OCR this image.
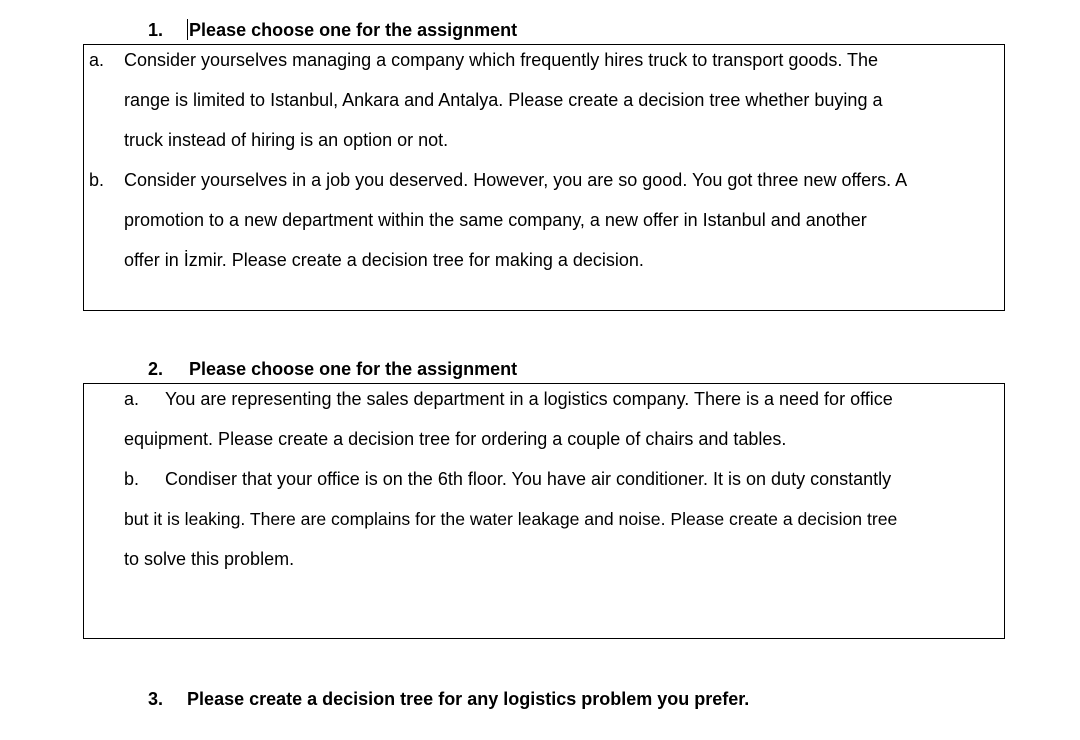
1. Please choose one for the assignment
a. Consider yourselves managing a company which frequently hires truck to transport goods. The
range is limited to Istanbul, Ankara and Antalya. Please create a decision tree whether buying a
truck instead of hiring is an option or not.
b. Consider yourselves in a job you deserved. However, you are so good. You got three new offers. A
promotion to a new department within the same company, a new offer in Istanbul and another
offer in İzmir. Please create a decision tree for making a decision.
2. Please choose one for the assignment
a. You are representing the sales department in a logistics company. There is a need for office
equipment. Please create a decision tree for ordering a couple of chairs and tables.
b. Condiser that your office is on the 6th floor. You have air conditioner. It is on duty constantly
but it is leaking. There are complains for the water leakage and noise. Please create a decision tree
to solve this problem.
3. Please create a decision tree for any logistics problem you prefer.
